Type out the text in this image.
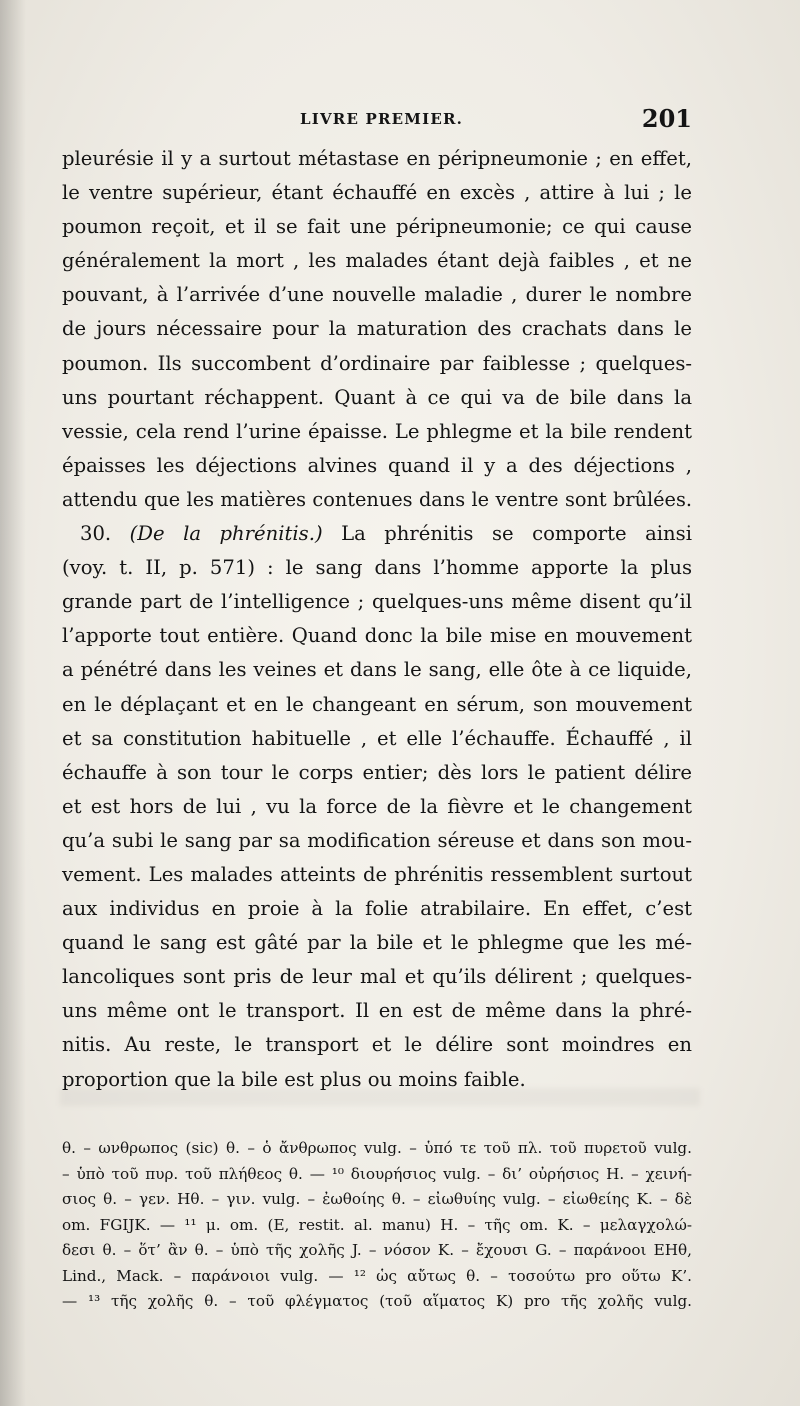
LIVRE PREMIER.	201
pleurésie il y a surtout métastase en péripneumonie ; en effet,
le ventre supérieur, étant échauffé en excès , attire à lui ; le
poumon reçoit, et il se fait une péripneumonie; ce qui cause
généralement la mort , les malades étant dejà faibles , et ne
pouvant, à l’arrivée d’une nouvelle maladie , durer le nombre
de jours nécessaire pour la maturation des crachats dans le
poumon. Ils succombent d’ordinaire par faiblesse ; quelques-
uns pourtant réchappent. Quant à ce qui va de bile dans la
vessie, cela rend l’urine épaisse. Le phlegme et la bile rendent
épaisses les déjections alvines quand il y a des déjections ,
attendu que les matières contenues dans le ventre sont brûlées.
30. (De la phrénitis.) La phrénitis se comporte ainsi
(voy. t. II, p. 571) : le sang dans l’homme apporte la plus
grande part de l’intelligence ; quelques-uns même disent qu’il
l’apporte tout entière. Quand donc la bile mise en mouvement
a pénétré dans les veines et dans le sang, elle ôte à ce liquide,
en le déplaçant et en le changeant en sérum, son mouvement
et sa constitution habituelle , et elle l’échauffe. Échauffé , il
échauffe à son tour le corps entier; dès lors le patient délire
et est hors de lui , vu la force de la fièvre et le changement
qu’a subi le sang par sa modification séreuse et dans son mou-
vement. Les malades atteints de phrénitis ressemblent surtout
aux individus en proie à la folie atrabilaire. En effet, c’est
quand le sang est gâté par la bile et le phlegme que les mé-
lancoliques sont pris de leur mal et qu’ils délirent ; quelques-
uns même ont le transport. Il en est de même dans la phré-
nitis. Au reste, le transport et le délire sont moindres en
proportion que la bile est plus ou moins faible.
θ. – ωνθρωπος (sic) θ. – ὁ ἄνθρωπος vulg. – ὑπό τε τοῦ πλ. τοῦ πυρετοῦ vulg.
– ὑπὸ τοῦ πυρ. τοῦ πλήθεος θ. — ¹⁰ διουρήσιος vulg. – δι’ οὐρήσιος H. – χεινή-
σιος θ. – γεν. Hθ. – γιν. vulg. – ἐωθοίης θ. – εἰωθυίης vulg. – εἰωθείης K. – δὲ
om. FGIJK. — ¹¹ μ. om. (E, restit. al. manu) H. – τῆς om. K. – μελαγχολώ-
δεσι θ. – ὅτ’ ἂν θ. – ὑπὸ τῆς χολῆς J. – νόσον K. – ἔχουσι G. – παράνοοι EHθ,
Lind., Mack. – παράνοιοι vulg. — ¹² ὡς αὔτως θ. – τοσούτω pro οὕτω K’.
— ¹³ τῆς χολῆς θ. – τοῦ φλέγματος (τοῦ αἵματος K) pro τῆς χολῆς vulg.
